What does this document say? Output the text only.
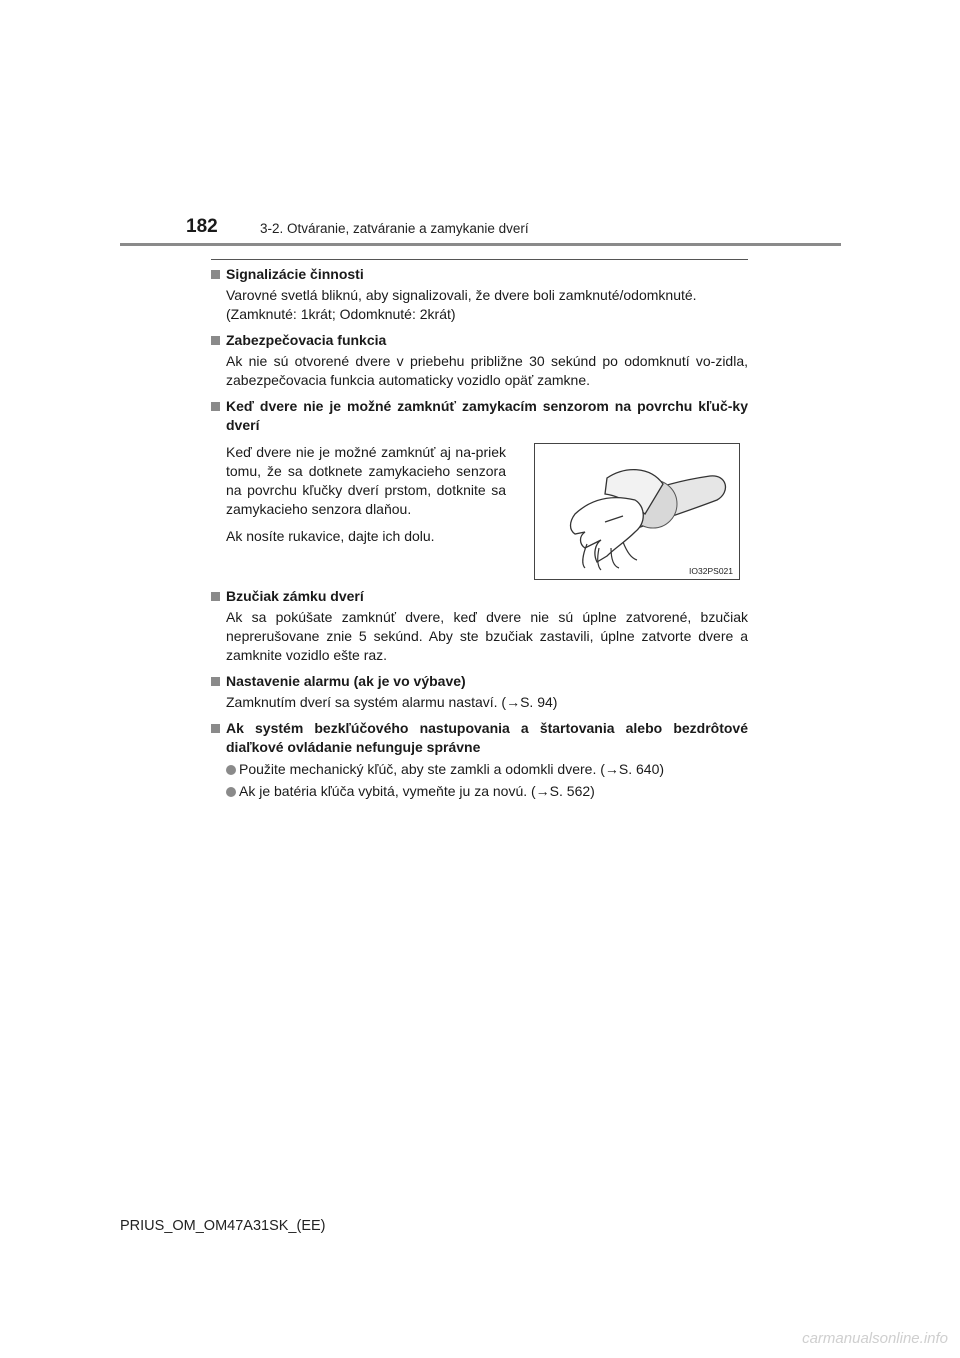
182	3-2. Otváranie, zatváranie a zamykanie dverí
Signalizácie činnosti
Varovné svetlá bliknú, aby signalizovali, že dvere boli zamknuté/odomknuté.
(Zamknuté: 1krát; Odomknuté: 2krát)
Zabezpečovacia funkcia
Ak nie sú otvorené dvere v priebehu približne 30 sekúnd po odomknutí vo-zidla, zabezpečovacia funkcia automaticky vozidlo opäť zamkne.
Keď dvere nie je možné zamknúť zamykacím senzorom na povrchu kľuč-ky dverí

Keď dvere nie je možné zamknúť aj na-priek tomu, že sa dotknete zamykacieho senzora na povrchu kľučky dverí prstom, dotknite sa zamykacieho senzora dlaňou.

Ak nosíte rukavice, dajte ich dolu.

IO32PS021
Bzučiak zámku dverí
Ak sa pokúšate zamknúť dvere, keď dvere nie sú úplne zatvorené, bzučiak neprerušovane znie 5 sekúnd. Aby ste bzučiak zastavili, úplne zatvorte dvere a zamknite vozidlo ešte raz.
Nastavenie alarmu (ak je vo výbave)
Zamknutím dverí sa systém alarmu nastaví. (→S. 94)
Ak systém bezkľúčového nastupovania a štartovania alebo bezdrôtové diaľkové ovládanie nefunguje správne
Použite mechanický kľúč, aby ste zamkli a odomkli dvere. (→S. 640)
Ak je batéria kľúča vybitá, vymeňte ju za novú. (→S. 562)
PRIUS_OM_OM47A31SK_(EE)
carmanualsonline.info
